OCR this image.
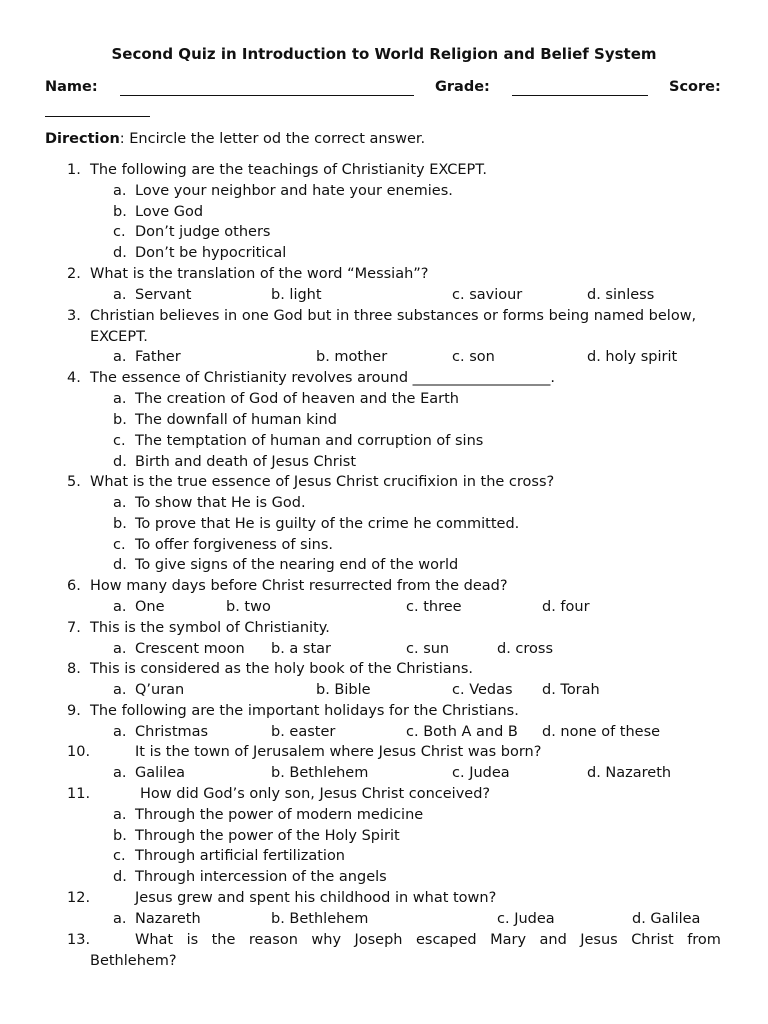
Second Quiz in Introduction to World Religion and Belief System
Name:	Grade:	Score:
Direction: Encircle the letter od the correct answer.
1. The following are the teachings of Christianity EXCEPT.
a. Love your neighbor and hate your enemies.
b. Love God
c. Don’t judge others
d. Don’t be hypocritical
2. What is the translation of the word “Messiah”?
a. Servant	b. light	c. saviour	d. sinless
3. Christian believes in one God but in three substances or forms being named below,
EXCEPT.
a. Father	b. mother	c. son	d. holy spirit
4. The essence of Christianity revolves around ___________________.
a. The creation of God of heaven and the Earth
b. The downfall of human kind
c. The temptation of human and corruption of sins
d. Birth and death of Jesus Christ
5. What is the true essence of Jesus Christ crucifixion in the cross?
a. To show that He is God.
b. To prove that He is guilty of the crime he committed.
c. To offer forgiveness of sins.
d. To give signs of the nearing end of the world
6. How many days before Christ resurrected from the dead?
a. One	b. two	c. three	d. four
7. This is the symbol of Christianity.
a. Crescent moon b. a star	c. sun	d. cross
8. This is considered as the holy book of the Christians.
a. Q’uran	b. Bible	c. Vedas d. Torah
9. The following are the important holidays for the Christians.
a. Christmas	b. easter	c. Both A and B d. none of these
10.	It is the town of Jerusalem where Jesus Christ was born?
a. Galilea	b. Bethlehem	c. Judea	d. Nazareth
11.	How did God’s only son, Jesus Christ conceived?
a. Through the power of modern medicine
b. Through the power of the Holy Spirit
c. Through artificial fertilization
d. Through intercession of the angels
12.	Jesus grew and spent his childhood in what town?
a. Nazareth	b. Bethlehem	c. Judea	d. Galilea
13.	What is the reason why Joseph escaped Mary and Jesus Christ from
Bethlehem?
